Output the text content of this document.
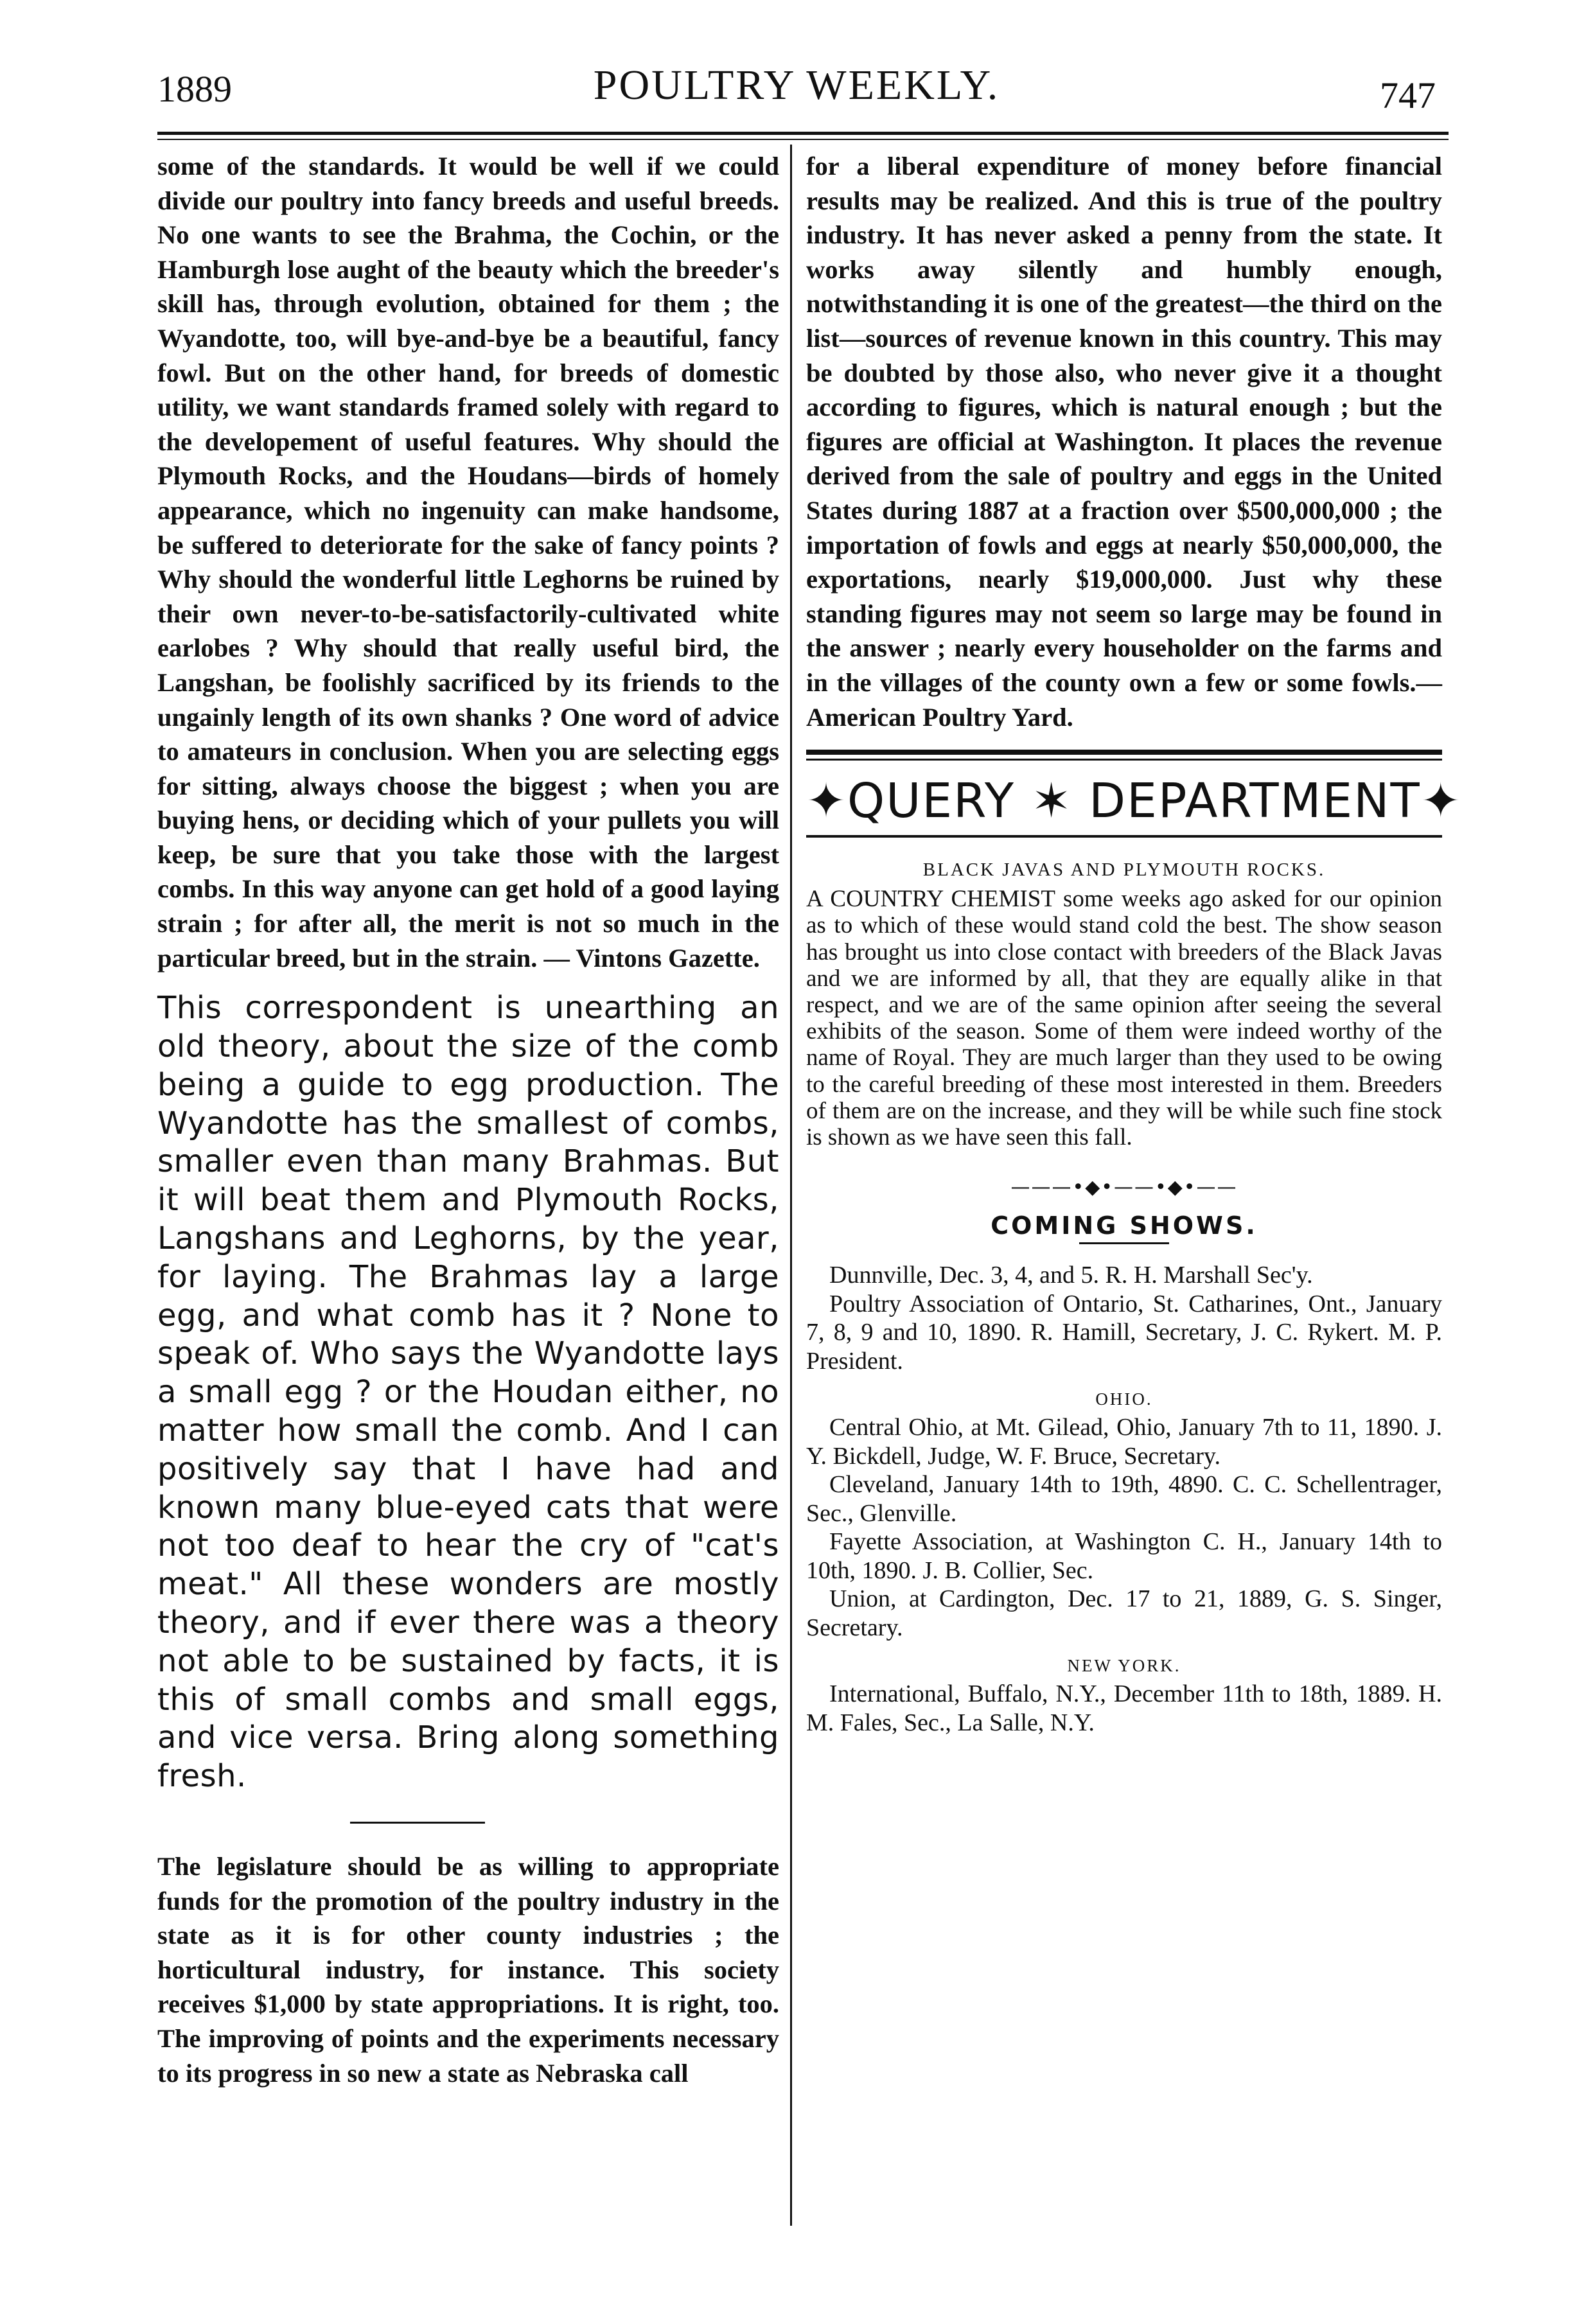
1889	POULTRY WEEKLY.	747

some of the standards. It would be well if we could divide our poultry into fancy breeds and useful breeds. No one wants to see the Brahma, the Cochin, or the Hamburgh lose aught of the beauty which the breeder's skill has, through evolution, obtained for them ; the Wyandotte, too, will bye-and-bye be a beautiful, fancy fowl. But on the other hand, for breeds of domestic utility, we want standards framed solely with regard to the developement of useful features. Why should the Plymouth Rocks, and the Houdans—birds of homely appearance, which no ingenuity can make handsome, be suffered to deteriorate for the sake of fancy points ? Why should the wonderful little Leghorns be ruined by their own never-to-be-satisfactorily-cultivated white earlobes ? Why should that really useful bird, the Langshan, be foolishly sacrificed by its friends to the ungainly length of its own shanks ? One word of advice to amateurs in conclusion. When you are selecting eggs for sitting, always choose the biggest ; when you are buying hens, or deciding which of your pullets you will keep, be sure that you take those with the largest combs. In this way anyone can get hold of a good laying strain ; for after all, the merit is not so much in the particular breed, but in the strain. — Vintons Gazette.

This correspondent is unearthing an old theory, about the size of the comb being a guide to egg production. The Wyandotte has the smallest of combs, smaller even than many Brahmas. But it will beat them and Plymouth Rocks, Langshans and Leghorns, by the year, for laying. The Brahmas lay a large egg, and what comb has it ? None to speak of. Who says the Wyandotte lays a small egg ? or the Houdan either, no matter how small the comb. And I can positively say that I have had and known many blue-eyed cats that were not too deaf to hear the cry of "cat's meat." All these wonders are mostly theory, and if ever there was a theory not able to be sustained by facts, it is this of small combs and small eggs, and vice versa. Bring along something fresh.

The legislature should be as willing to appropriate funds for the promotion of the poultry industry in the state as it is for other county industries ; the horticultural industry, for instance. This society receives $1,000 by state appropriations. It is right, too. The improving of points and the experiments necessary to its progress in so new a state as Nebraska call

for a liberal expenditure of money before financial results may be realized. And this is true of the poultry industry. It has never asked a penny from the state. It works away silently and humbly enough, notwithstanding it is one of the greatest—the third on the list—sources of revenue known in this country. This may be doubted by those also, who never give it a thought according to figures, which is natural enough ; but the figures are official at Washington. It places the revenue derived from the sale of poultry and eggs in the United States during 1887 at a fraction over $500,000,000 ; the importation of fowls and eggs at nearly $50,000,000, the exportations, nearly $19,000,000. Just why these standing figures may not seem so large may be found in the answer ; nearly every householder on the farms and in the villages of the county own a few or some fowls.—American Poultry Yard.

✦QUERY ✶ DEPARTMENT✦
BLACK JAVAS AND PLYMOUTH ROCKS.

A COUNTRY CHEMIST some weeks ago asked for our opinion as to which of these would stand cold the best. The show season has brought us into close contact with breeders of the Black Javas and we are informed by all, that they are equally alike in that respect, and we are of the same opinion after seeing the several exhibits of the season. Some of them were indeed worthy of the name of Royal. They are much larger than they used to be owing to the careful breeding of these most interested in them. Breeders of them are on the increase, and they will be while such fine stock is shown as we have seen this fall.

———•◆•——•◆•——
COMING SHOWS.

Dunnville, Dec. 3, 4, and 5. R. H. Marshall Sec'y.

Poultry Association of Ontario, St. Catharines, Ont., January 7, 8, 9 and 10, 1890. R. Hamill, Secretary, J. C. Rykert. M. P. President.

OHIO.

Central Ohio, at Mt. Gilead, Ohio, January 7th to 11, 1890. J. Y. Bickdell, Judge, W. F. Bruce, Secretary.

Cleveland, January 14th to 19th, 4890. C. C. Schellentrager, Sec., Glenville.

Fayette Association, at Washington C. H., January 14th to 10th, 1890. J. B. Collier, Sec.

Union, at Cardington, Dec. 17 to 21, 1889, G. S. Singer, Secretary.

NEW YORK.

International, Buffalo, N.Y., December 11th to 18th, 1889. H. M. Fales, Sec., La Salle, N.Y.
